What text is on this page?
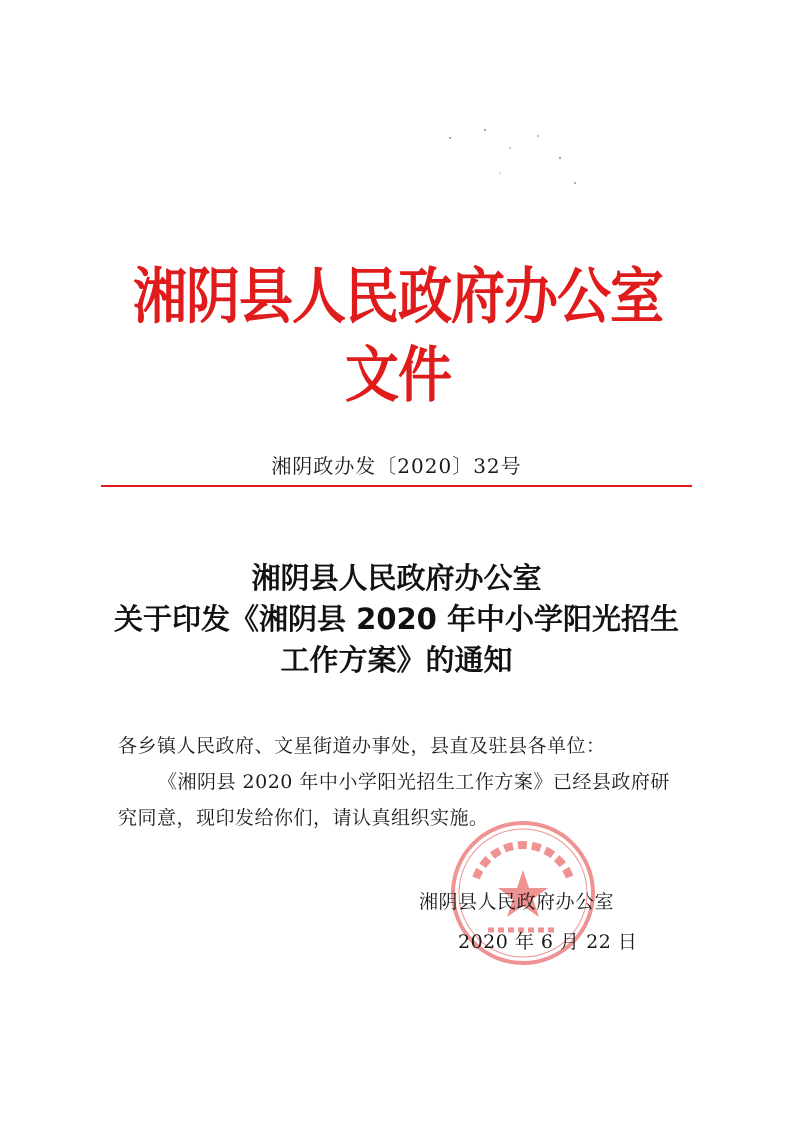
湘阴县人民政府办公室文件
湘阴政办发〔2020〕32号
湘阴县人民政府办公室
关于印发《湘阴县 2020 年中小学阳光招生
工作方案》的通知
各乡镇人民政府、文星街道办事处，县直及驻县各单位：
《湘阴县 2020 年中小学阳光招生工作方案》已经县政府研
究同意，现印发给你们，请认真组织实施。
湘阴县人民政府办公室
2020 年 6 月 22 日
